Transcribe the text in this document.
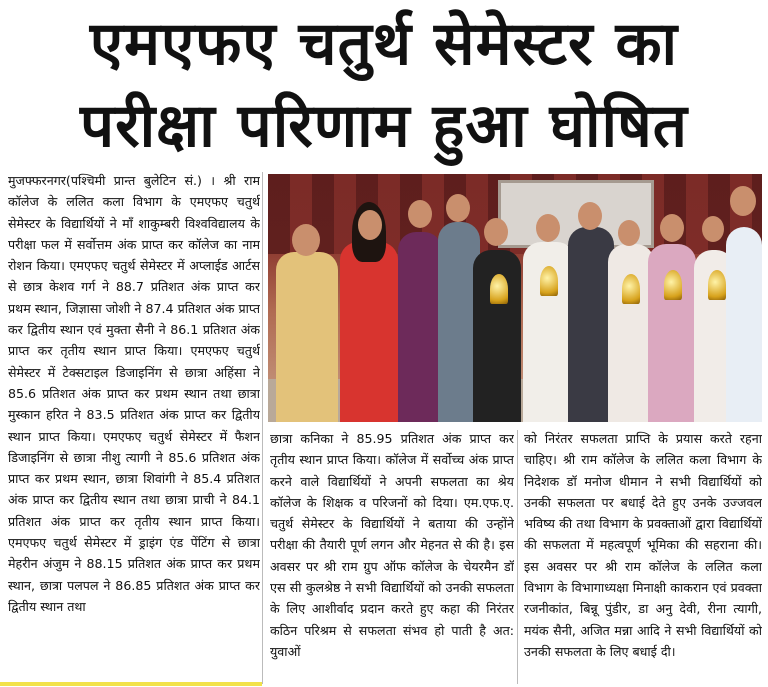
एमएफए चतुर्थ सेमेस्टर का
परीक्षा परिणाम हुआ घोषित

मुजफ्फरनगर(पश्चिमी प्रान्त बुलेटिन सं.) । श्री राम कॉलेज के ललित कला विभाग के एमएफए चतुर्थ सेमेस्टर के विद्यार्थियों ने माँ शाकुम्बरी विश्वविद्यालय के परीक्षा फल में सर्वोत्तम अंक प्राप्त कर कॉलेज का नाम रोशन किया। एमएफए चतुर्थ सेमेस्टर में अप्लाईड आर्टस से छात्र केशव गर्ग ने 88.7 प्रतिशत अंक प्राप्त कर प्रथम स्थान, जिज्ञासा जोशी ने 87.4 प्रतिशत अंक प्राप्त कर द्वितीय स्थान एवं मुक्ता सैनी ने 86.1 प्रतिशत अंक प्राप्त कर तृतीय स्थान प्राप्त किया। एमएफए चतुर्थ सेमेस्टर में टेक्सटाइल डिजाइनिंग से छात्रा अहिंसा ने 85.6 प्रतिशत अंक प्राप्त कर प्रथम स्थान तथा छात्रा मुस्कान हरित ने 83.5 प्रतिशत अंक प्राप्त कर द्वितीय स्थान प्राप्त किया। एमएफए चतुर्थ सेमेस्टर में फैशन डिजाइनिंग से छात्रा नीशु त्यागी ने 85.6 प्रतिशत अंक प्राप्त कर प्रथम स्थान, छात्रा शिवांगी ने 85.4 प्रतिशत अंक प्राप्त कर द्वितीय स्थान तथा छात्रा प्राची ने 84.1 प्रतिशत अंक प्राप्त कर तृतीय स्थान प्राप्त किया। एमएफए चतुर्थ सेमेस्टर में ड्राइंग एंड पेंटिंग से छात्रा मेहरीन अंजुम ने 88.15 प्रतिशत अंक प्राप्त कर प्रथम स्थान, छात्रा पलपल ने 86.85 प्रतिशत अंक प्राप्त कर द्वितीय स्थान तथा

छात्रा कनिका ने 85.95 प्रतिशत अंक प्राप्त कर तृतीय स्थान प्राप्त किया। कॉलेज में सर्वोच्च अंक प्राप्त करने वाले विद्यार्थियों ने अपनी सफलता का श्रेय कॉलेज के शिक्षक व परिजनों को दिया। एम.एफ.ए. चतुर्थ सेमेस्टर के विद्यार्थियों ने बताया की उन्होंने परीक्षा की तैयारी पूर्ण लगन और मेहनत से की है। इस अवसर पर श्री राम ग्रुप ऑफ कॉलेज के चेयरमैन डॉ एस सी कुलश्रेष्ठ ने सभी विद्यार्थियों को उनकी सफलता के लिए आशीर्वाद प्रदान करते हुए कहा की निरंतर कठिन परिश्रम से सफलता संभव हो पाती है अत: युवाओं

को निरंतर सफलता प्राप्ति के प्रयास करते रहना चाहिए। श्री राम कॉलेज के ललित कला विभाग के निदेशक डॉ मनोज धीमान ने सभी विद्यार्थियों को उनकी सफलता पर बधाई देते हुए उनके उज्जवल भविष्य की तथा विभाग के प्रवक्ताओं द्वारा विद्यार्थियों की सफलता में महत्वपूर्ण भूमिका की सहराना की। इस अवसर पर श्री राम कॉलेज के ललित कला विभाग के विभागाध्यक्षा मिनाक्षी काकरान एवं प्रवक्ता रजनीकांत, बिन्नू पुंडीर, डा अनु देवी, रीना त्यागी, मयंक सैनी, अजित मन्ना आदि ने सभी विद्यार्थियों को उनकी सफलता के लिए बधाई दी।
